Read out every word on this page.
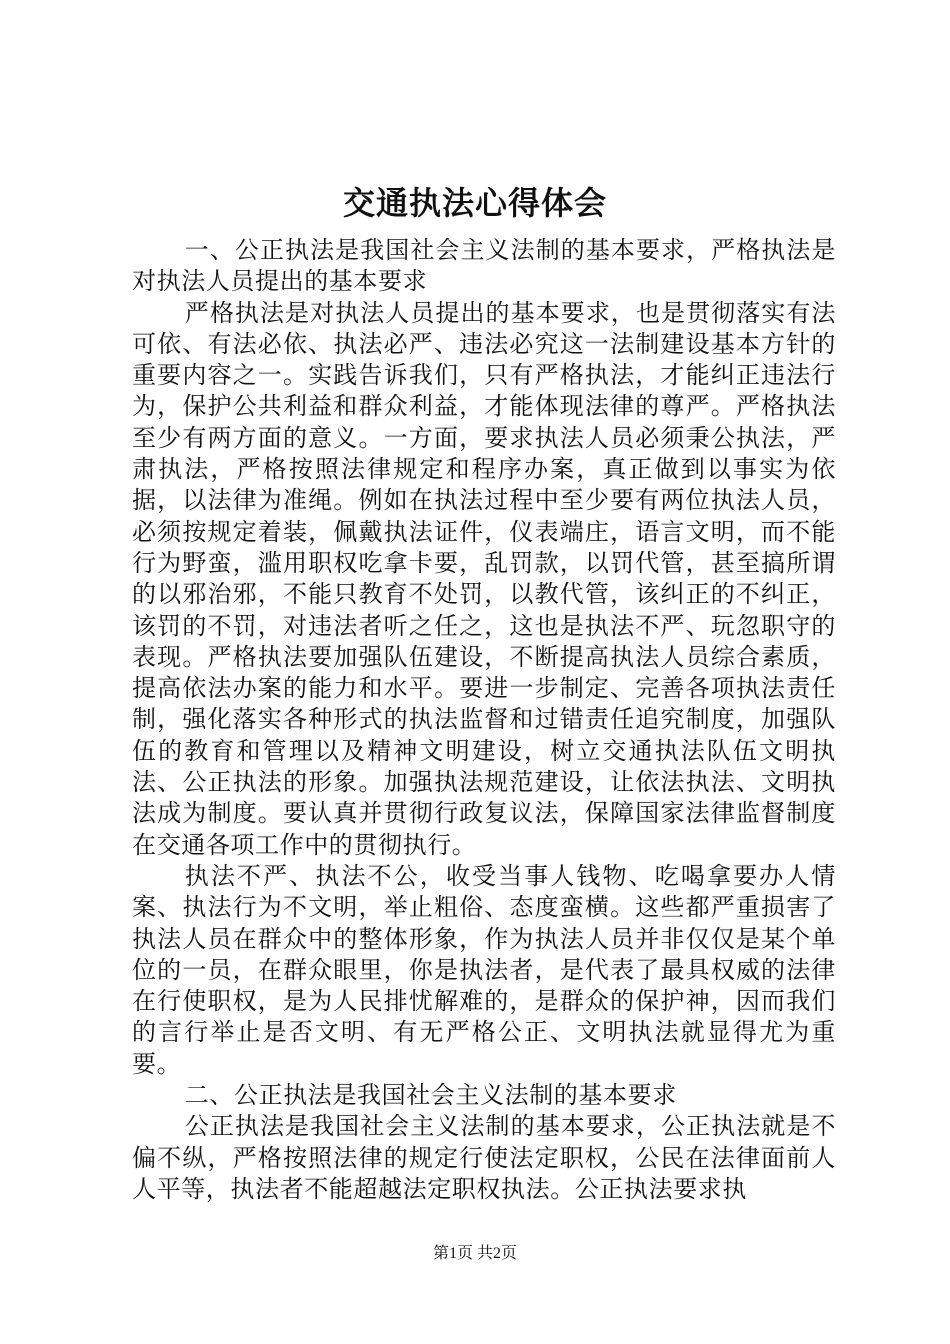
交通执法心得体会

一、公正执法是我国社会主义法制的基本要求，严格执法是对执法人员提出的基本要求

严格执法是对执法人员提出的基本要求，也是贯彻落实有法可依、有法必依、执法必严、违法必究这一法制建设基本方针的重要内容之一。实践告诉我们，只有严格执法，才能纠正违法行为，保护公共利益和群众利益，才能体现法律的尊严。严格执法至少有两方面的意义。一方面，要求执法人员必须秉公执法，严肃执法，严格按照法律规定和程序办案，真正做到以事实为依据，以法律为准绳。例如在执法过程中至少要有两位执法人员，必须按规定着装，佩戴执法证件，仪表端庄，语言文明，而不能行为野蛮，滥用职权吃拿卡要，乱罚款，以罚代管，甚至搞所谓的以邪治邪，不能只教育不处罚，以教代管，该纠正的不纠正，该罚的不罚，对违法者听之任之，这也是执法不严、玩忽职守的表现。严格执法要加强队伍建设，不断提高执法人员综合素质，提高依法办案的能力和水平。要进一步制定、完善各项执法责任制，强化落实各种形式的执法监督和过错责任追究制度，加强队伍的教育和管理以及精神文明建设，树立交通执法队伍文明执法、公正执法的形象。加强执法规范建设，让依法执法、文明执法成为制度。要认真并贯彻行政复议法，保障国家法律监督制度在交通各项工作中的贯彻执行。

执法不严、执法不公，收受当事人钱物、吃喝拿要办人情案、执法行为不文明，举止粗俗、态度蛮横。这些都严重损害了执法人员在群众中的整体形象，作为执法人员并非仅仅是某个单位的一员，在群众眼里，你是执法者，是代表了最具权威的法律在行使职权，是为人民排忧解难的，是群众的保护神，因而我们的言行举止是否文明、有无严格公正、文明执法就显得尤为重要。

二、公正执法是我国社会主义法制的基本要求

公正执法是我国社会主义法制的基本要求，公正执法就是不偏不纵，严格按照法律的规定行使法定职权，公民在法律面前人人平等，执法者不能超越法定职权执法。公正执法要求执

第1页 共2页
